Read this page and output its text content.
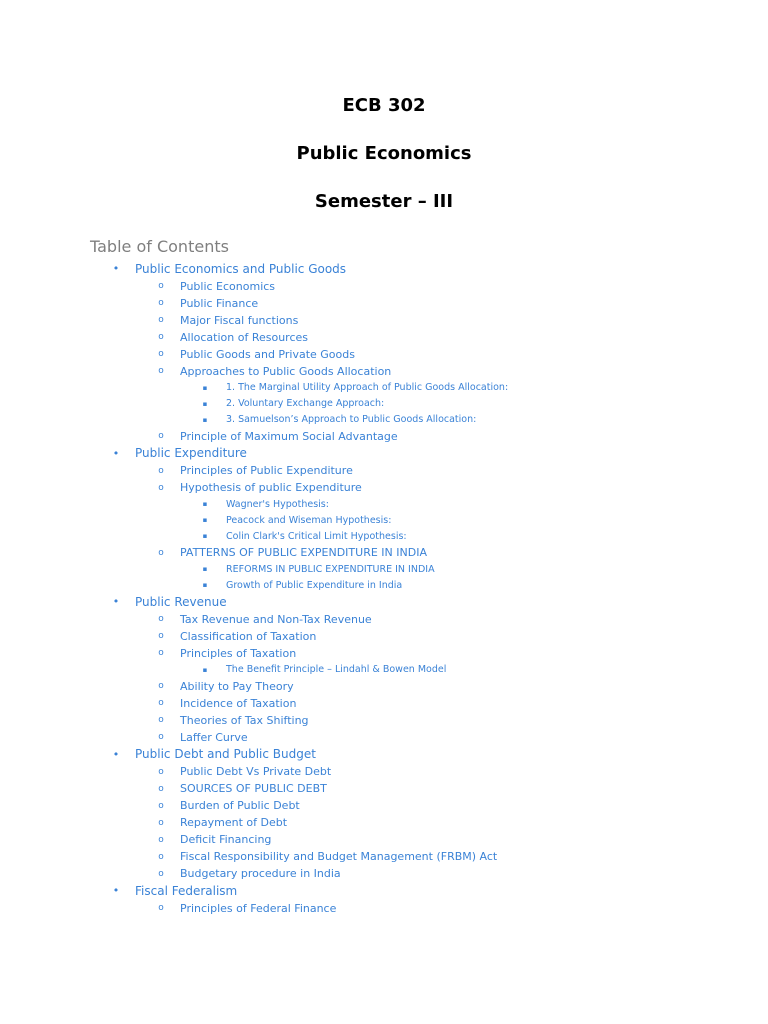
ECB 302
Public Economics
Semester – III
Table of Contents
• Public Economics and Public Goods
o Public Economics
o Public Finance
o Major Fiscal functions
o Allocation of Resources
o Public Goods and Private Goods
o Approaches to Public Goods Allocation
▪	1. The Marginal Utility Approach of Public Goods Allocation:
▪	2. Voluntary Exchange Approach:
▪	3. Samuelson’s Approach to Public Goods Allocation:
o Principle of Maximum Social Advantage
• Public Expenditure
o Principles of Public Expenditure
o Hypothesis of public Expenditure
▪	Wagner's Hypothesis:
▪	Peacock and Wiseman Hypothesis:
▪	Colin Clark's Critical Limit Hypothesis:
o PATTERNS OF PUBLIC EXPENDITURE IN INDIA
▪	REFORMS IN PUBLIC EXPENDITURE IN INDIA
▪	Growth of Public Expenditure in India
• Public Revenue
o Tax Revenue and Non-Tax Revenue
o Classification of Taxation
o Principles of Taxation
▪	The Benefit Principle – Lindahl & Bowen Model
o Ability to Pay Theory
o Incidence of Taxation
o Theories of Tax Shifting
o Laffer Curve
• Public Debt and Public Budget
o Public Debt Vs Private Debt
o SOURCES OF PUBLIC DEBT
o Burden of Public Debt
o Repayment of Debt
o Deficit Financing
o Fiscal Responsibility and Budget Management (FRBM) Act
o Budgetary procedure in India
• Fiscal Federalism
o Principles of Federal Finance
